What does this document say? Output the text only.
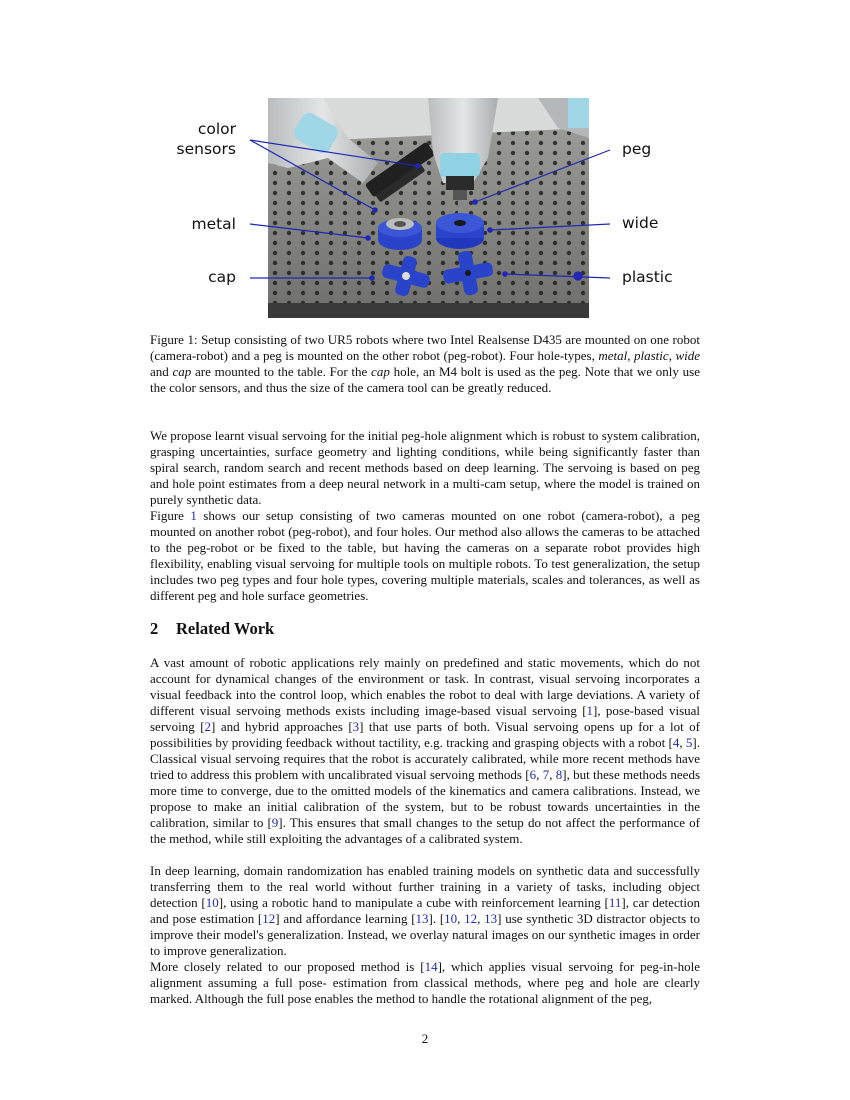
color
sensors
metal
cap
peg
wide
plastic
Figure 1: Setup consisting of two UR5 robots where two Intel Realsense D435 are mounted on one robot (camera-robot) and a peg is mounted on the other robot (peg-robot). Four hole-types, metal, plastic, wide and cap are mounted to the table. For the cap hole, an M4 bolt is used as the peg. Note that we only use the color sensors, and thus the size of the camera tool can be greatly reduced.

We propose learnt visual servoing for the initial peg-hole alignment which is robust to system calibration, grasping uncertainties, surface geometry and lighting conditions, while being significantly faster than spiral search, random search and recent methods based on deep learning. The servoing is based on peg and hole point estimates from a deep neural network in a multi-cam setup, where the model is trained on purely synthetic data.

Figure 1 shows our setup consisting of two cameras mounted on one robot (camera-robot), a peg mounted on another robot (peg-robot), and four holes. Our method also allows the cameras to be attached to the peg-robot or be fixed to the table, but having the cameras on a separate robot provides high flexibility, enabling visual servoing for multiple tools on multiple robots. To test generalization, the setup includes two peg types and four hole types, covering multiple materials, scales and tolerances, as well as different peg and hole surface geometries.

2 Related Work

A vast amount of robotic applications rely mainly on predefined and static movements, which do not account for dynamical changes of the environment or task. In contrast, visual servoing incorporates a visual feedback into the control loop, which enables the robot to deal with large deviations. A variety of different visual servoing methods exists including image-based visual servoing [1], pose-based visual servoing [2] and hybrid approaches [3] that use parts of both. Visual servoing opens up for a lot of possibilities by providing feedback without tactility, e.g. tracking and grasping objects with a robot [4, 5]. Classical visual servoing requires that the robot is accurately calibrated, while more recent methods have tried to address this problem with uncalibrated visual servoing methods [6, 7, 8], but these methods needs more time to converge, due to the omitted models of the kinematics and camera calibrations. Instead, we propose to make an initial calibration of the system, but to be robust towards uncertainties in the calibration, similar to [9]. This ensures that small changes to the setup do not affect the performance of the method, while still exploiting the advantages of a calibrated system.

In deep learning, domain randomization has enabled training models on synthetic data and successfully transferring them to the real world without further training in a variety of tasks, including object detection [10], using a robotic hand to manipulate a cube with reinforcement learning [11], car detection and pose estimation [12] and affordance learning [13]. [10, 12, 13] use synthetic 3D distractor objects to improve their model's generalization. Instead, we overlay natural images on our synthetic images in order to improve generalization.

More closely related to our proposed method is [14], which applies visual servoing for peg-in-hole alignment assuming a full pose- estimation from classical methods, where peg and hole are clearly marked. Although the full pose enables the method to handle the rotational alignment of the peg,

2
